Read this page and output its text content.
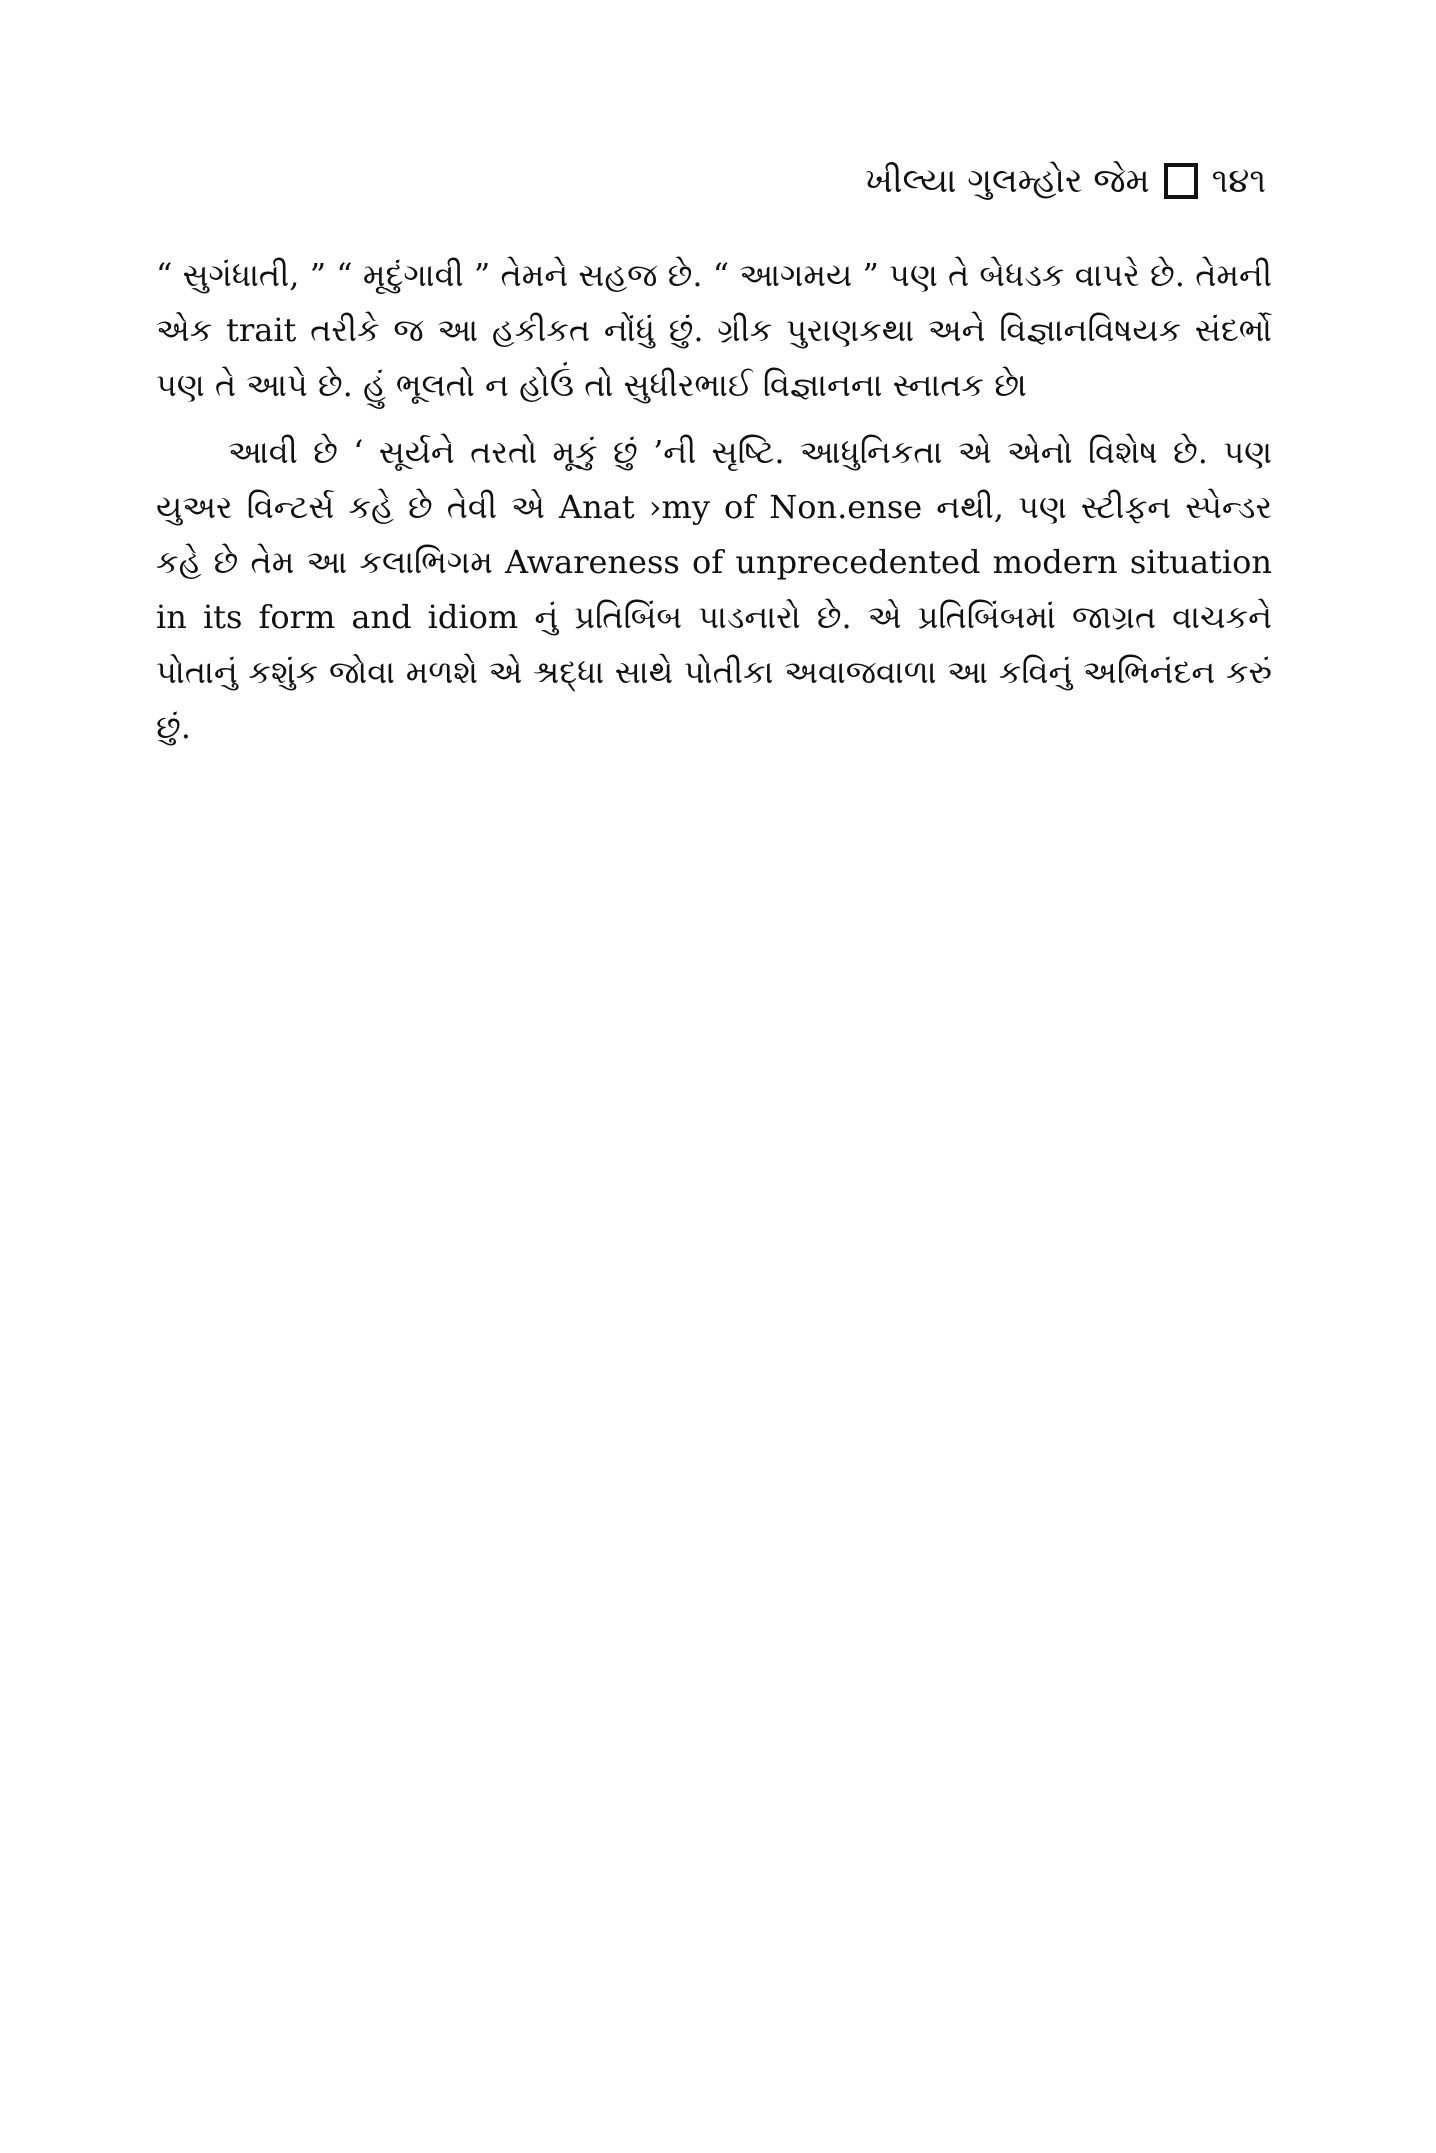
ખીલ્યા ગુલમ્હોર જેમ ૧૪૧

“ સુગંધાતી, ” “ મૃદુંગાવી ” તેમને સહજ છે. “ આગમય ” પણ તે બેધડક વાપરે છે. તેમની એક trait તરીકે જ આ હકીકત નોંધું છું. ગ્રીક પુરાણકથા અને વિજ્ઞાનવિષયક સંદર્ભો પણ તે આપે છે. હું ભૂલતો ન હોઉં તો સુધીરભાઈ વિજ્ઞાનના સ્નાતક છે।

આવી છે ‘ સૂર્યને તરતો મૂકું છું ’ની સૃષ્ટિ. આધુનિકતા એ એનો વિશેષ છે. પણ યુઅર વિન્ટર્સ કહે છે તેવી એ Anat ›my of Non.ense નથી, પણ સ્ટીફન સ્પેન્ડર કહે છે તેમ આ કલાભિગમ Awareness of unprecedented modern situation in its form and idiom નું પ્રતિબિંબ પાડનારો છે. એ પ્રતિબિંબમાં જાગ્રત વાચકને પોતાનું કશુંક જોવા મળશે એ શ્રદ્ધા સાથે પોતીકા અવાજવાળા આ કવિનું અભિનંદન કરું છું.
